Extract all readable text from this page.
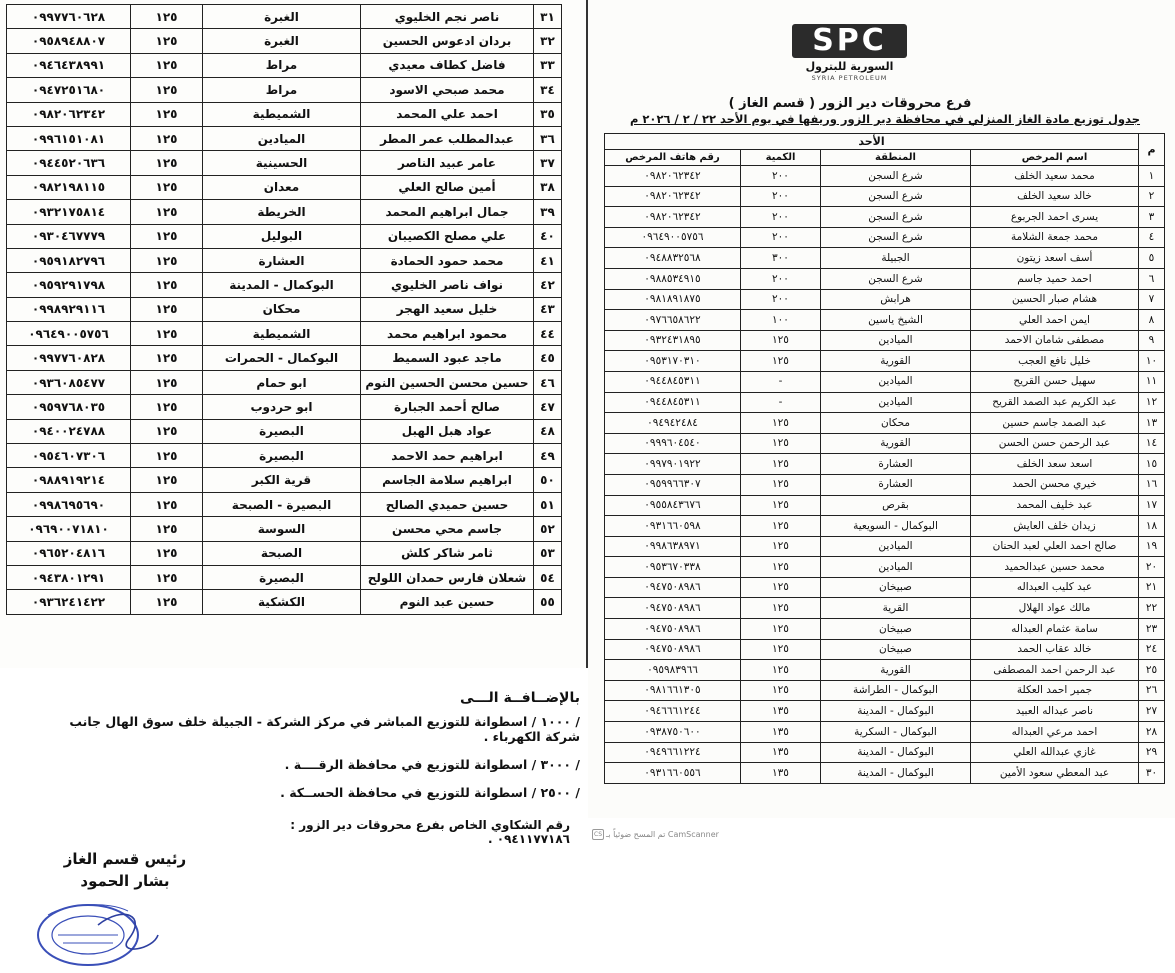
٣١	ناصر نجم الخليوي	الغبرة	١٢٥	٠٩٩٧٧٦٠٦٢٨
٣٢	بردان ادعوس الحسين	الغبرة	١٢٥	٠٩٥٨٩٤٨٨٠٧
٣٣	فاضل كطاف معيدي	مراط	١٢٥	٠٩٤٦٤٣٨٩٩١
٣٤	محمد صبحي الاسود	مراط	١٢٥	٠٩٤٧٢٥١٦٨٠
٣٥	احمد علي المحمد	الشميطية	١٢٥	٠٩٨٢٠٦٢٣٤٢
٣٦	عبدالمطلب عمر المطر	الميادين	١٢٥	٠٩٩٦١٥١٠٨١
٣٧	عامر عبيد الناصر	الحسينية	١٢٥	٠٩٤٤٥٢٠٦٣٦
٣٨	أمين صالح العلي	معدان	١٢٥	٠٩٨٢١٩٨١١٥
٣٩	جمال ابراهيم المحمد	الخريطة	١٢٥	٠٩٣٢١٧٥٨١٤
٤٠	علي مصلح الكصيبان	البوليل	١٢٥	٠٩٣٠٤٦٧٧٧٩
٤١	محمد حمود الحمادة	العشارة	١٢٥	٠٩٥٩١٨٢٧٩٦
٤٢	نواف ناصر الخليوي	البوكمال - المدينة	١٢٥	٠٩٥٩٢٩١٧٩٨
٤٣	خليل سعيد الهجر	محكان	١٢٥	٠٩٩٨٩٢٩١١٦
٤٤	محمود ابراهيم محمد	الشميطية	١٢٥	٠٩٦٤٩٠٠٥٧٥٦
٤٥	ماجد عبود السميط	البوكمال - الحمرات	١٢٥	٠٩٩٧٧٦٠٨٢٨
٤٦	حسين محسن الحسين النوم	ابو حمام	١٢٥	٠٩٣٦٠٨٥٤٧٧
٤٧	صالح أحمد الجبارة	ابو حردوب	١٢٥	٠٩٥٩٧٦٨٠٣٥
٤٨	عواد هبل الهبل	البصيرة	١٢٥	٠٩٤٠٠٢٤٧٨٨
٤٩	ابراهيم حمد الاحمد	البصيرة	١٢٥	٠٩٥٤٦٠٧٣٠٦
٥٠	ابراهيم سلامة الجاسم	قرية الكبر	١٢٥	٠٩٨٨٩١٩٢١٤
٥١	حسين حميدي الصالح	البصيرة - الصبحة	١٢٥	٠٩٩٨٦٩٥٦٩٠
٥٢	جاسم محي محسن	السوسة	١٢٥	٠٩٦٩٠٠٧١٨١٠
٥٣	ثامر شاكر كلش	الصبحة	١٢٥	٠٩٦٥٢٠٤٨١٦
٥٤	شعلان فارس حمدان اللولح	البصيرة	١٢٥	٠٩٤٣٨٠١٢٩١
٥٥	حسين عبد النوم	الكشكية	١٢٥	٠٩٣٦٢٤١٤٢٢
بالإضــافــة الـــى
/ ١٠٠٠ / اسطوانة للتوزيع المباشر في مركز الشركة - الجبيلة خلف سوق الهال جانب شركة الكهرباء .
/ ٣٠٠٠ / اسطوانة للتوزيع في محافظة الرقــــة .
/ ٢٥٠٠ / اسطوانة للتوزيع في محافظة الحســكة .
رقم الشكاوي الخاص بفرع محروقات دير الزور : ٠٩٤١١٧٧١٨٦ .
رئيس قسم الغاز
بشار الحمود
SPC
السورية للبترول
SYRIA PETROLEUM
فرع محروقات دير الزور ( قسم الغاز )
جدول توزيع مادة الغاز المنزلي في محافظة دير الزور وريفها في يوم الأحد ٢٢ / ٢ / ٢٠٢٦ م
م	الأحد			
	اسم المرخص	المنطقة	الكمية	رقم هاتف المرخص
١	محمد سعيد الخلف	شرع السجن	٢٠٠	٠٩٨٢٠٦٢٣٤٢
٢	خالد سعيد الخلف	شرع السجن	٢٠٠	٠٩٨٢٠٦٢٣٤٢
٣	يسرى احمد الجربوع	شرع السجن	٢٠٠	٠٩٨٢٠٦٢٣٤٢
٤	محمد جمعة الشلامة	شرع السجن	٢٠٠	٠٩٦٤٩٠٠٥٧٥٦
٥	أسف اسعد زيتون	الجبيلة	٣٠٠	٠٩٤٨٨٣٢٥٦٨
٦	احمد حميد جاسم	شرع السجن	٢٠٠	٠٩٨٨٥٣٤٩١٥
٧	هشام صبار الحسين	هرابش	٢٠٠	٠٩٨١٨٩١٨٧٥
٨	ايمن احمد العلي	الشيخ ياسين	١٠٠	٠٩٧٦٦٥٨٦٢٢
٩	مصطفى شامان الاحمد	الميادين	١٢٥	٠٩٣٢٤٣١٨٩٥
١٠	خليل نافع العجب	القورية	١٢٥	٠٩٥٣١٧٠٣١٠
١١	سهيل حسن القريح	الميادين	-	٠٩٤٤٨٤٥٣١١
١٢	عبد الكريم عبد الصمد القريح	الميادين	-	٠٩٤٤٨٤٥٣١١
١٣	عبد الصمد جاسم حسين	محكان	١٢٥	٠٩٤٩٤٢٤٨٤
١٤	عبد الرحمن حسن الحسن	القورية	١٢٥	٠٩٩٩٦٠٤٥٤٠
١٥	اسعد سعد الخلف	العشارة	١٢٥	٠٩٩٧٩٠١٩٢٢
١٦	خيري محسن الحمد	العشارة	١٢٥	٠٩٥٩٩٦٦٣٠٧
١٧	عبد خليف المحمد	بقرص	١٢٥	٠٩٥٥٨٤٣٦٧٦
١٨	زيدان خلف العايش	البوكمال - السويعية	١٢٥	٠٩٣١٦٦٠٥٩٨
١٩	صالح احمد العلي لعبد الحنان	الميادين	١٢٥	٠٩٩٨٦٣٨٩٧١
٢٠	محمد حسين عبدالحميد	الميادين	١٢٥	٠٩٥٣٦٧٠٣٣٨
٢١	عبد كليب العبداله	صبيخان	١٢٥	٠٩٤٧٥٠٨٩٨٦
٢٢	مالك عواد الهلال	القرية	١٢٥	٠٩٤٧٥٠٨٩٨٦
٢٣	سامة عثمام العبداله	صبيخان	١٢٥	٠٩٤٧٥٠٨٩٨٦
٢٤	خالد عقاب الحمد	صبيخان	١٢٥	٠٩٤٧٥٠٨٩٨٦
٢٥	عبد الرحمن احمد المصطفى	القورية	١٢٥	٠٩٥٩٨٣٩٦٦
٢٦	جمير احمد العكلة	البوكمال - الطراشة	١٢٥	٠٩٨١٦٦١٣٠٥
٢٧	ناصر عبداله العبيد	البوكمال - المدينة	١٣٥	٠٩٤٦٦٦١٢٤٤
٢٨	احمد مرعي العبداله	البوكمال - السكرية	١٣٥	٠٩٣٨٧٥٠٦٠٠
٢٩	غازي عبدالله العلي	البوكمال - المدينة	١٣٥	٠٩٤٩٦٦١٢٢٤
٣٠	عبد المعطي سعود الأمين	البوكمال - المدينة	١٣٥	٠٩٣١٦٦٠٥٥٦
CS CamScanner تم المسح ضوئياً بـ
